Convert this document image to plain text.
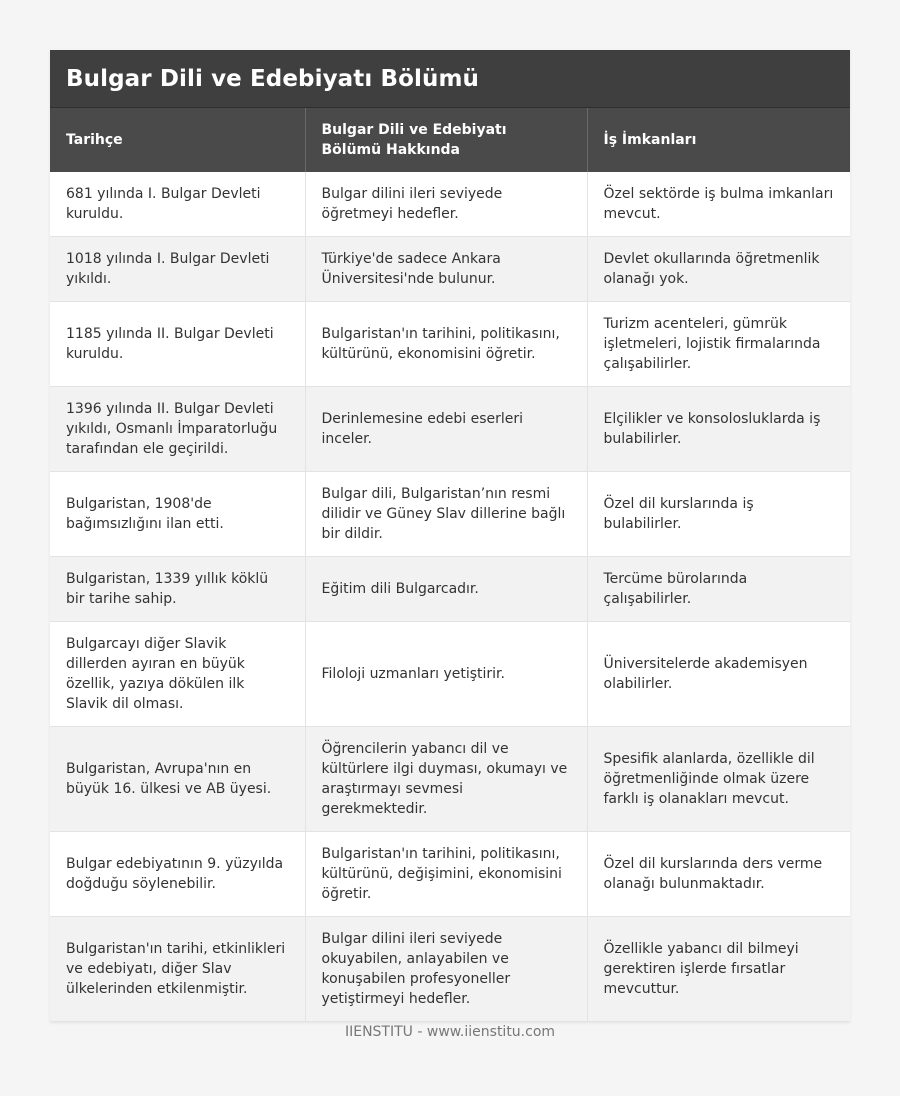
Bulgar Dili ve Edebiyatı Bölümü
Tarihçe	Bulgar Dili ve Edebiyatı Bölümü Hakkında	İş İmkanları
681 yılında I. Bulgar Devleti kuruldu.	Bulgar dilini ileri seviyede öğretmeyi hedefler.	Özel sektörde iş bulma imkanları mevcut.
1018 yılında I. Bulgar Devleti yıkıldı.	Türkiye'de sadece Ankara Üniversitesi'nde bulunur.	Devlet okullarında öğretmenlik olanağı yok.
1185 yılında II. Bulgar Devleti kuruldu.	Bulgaristan'ın tarihini, politikasını, kültürünü, ekonomisini öğretir.	Turizm acenteleri, gümrük işletmeleri, lojistik firmalarında çalışabilirler.
1396 yılında II. Bulgar Devleti yıkıldı, Osmanlı İmparatorluğu tarafından ele geçirildi.	Derinlemesine edebi eserleri inceler.	Elçilikler ve konsolosluklarda iş bulabilirler.
Bulgaristan, 1908'de bağımsızlığını ilan etti.	Bulgar dili, Bulgaristan’nın resmi dilidir ve Güney Slav dillerine bağlı bir dildir.	Özel dil kurslarında iş bulabilirler.
Bulgaristan, 1339 yıllık köklü bir tarihe sahip.	Eğitim dili Bulgarcadır.	Tercüme bürolarında çalışabilirler.
Bulgarcayı diğer Slavik dillerden ayıran en büyük özellik, yazıya dökülen ilk Slavik dil olması.	Filoloji uzmanları yetiştirir.	Üniversitelerde akademisyen olabilirler.
Bulgaristan, Avrupa'nın en büyük 16. ülkesi ve AB üyesi.	Öğrencilerin yabancı dil ve kültürlere ilgi duyması, okumayı ve araştırmayı sevmesi gerekmektedir.	Spesifik alanlarda, özellikle dil öğretmenliğinde olmak üzere farklı iş olanakları mevcut.
Bulgar edebiyatının 9. yüzyılda doğduğu söylenebilir.	Bulgaristan'ın tarihini, politikasını, kültürünü, değişimini, ekonomisini öğretir.	Özel dil kurslarında ders verme olanağı bulunmaktadır.
Bulgaristan'ın tarihi, etkinlikleri ve edebiyatı, diğer Slav ülkelerinden etkilenmiştir.	Bulgar dilini ileri seviyede okuyabilen, anlayabilen ve konuşabilen profesyoneller yetiştirmeyi hedefler.	Özellikle yabancı dil bilmeyi gerektiren işlerde fırsatlar mevcuttur.
IIENSTITU - www.iienstitu.com
